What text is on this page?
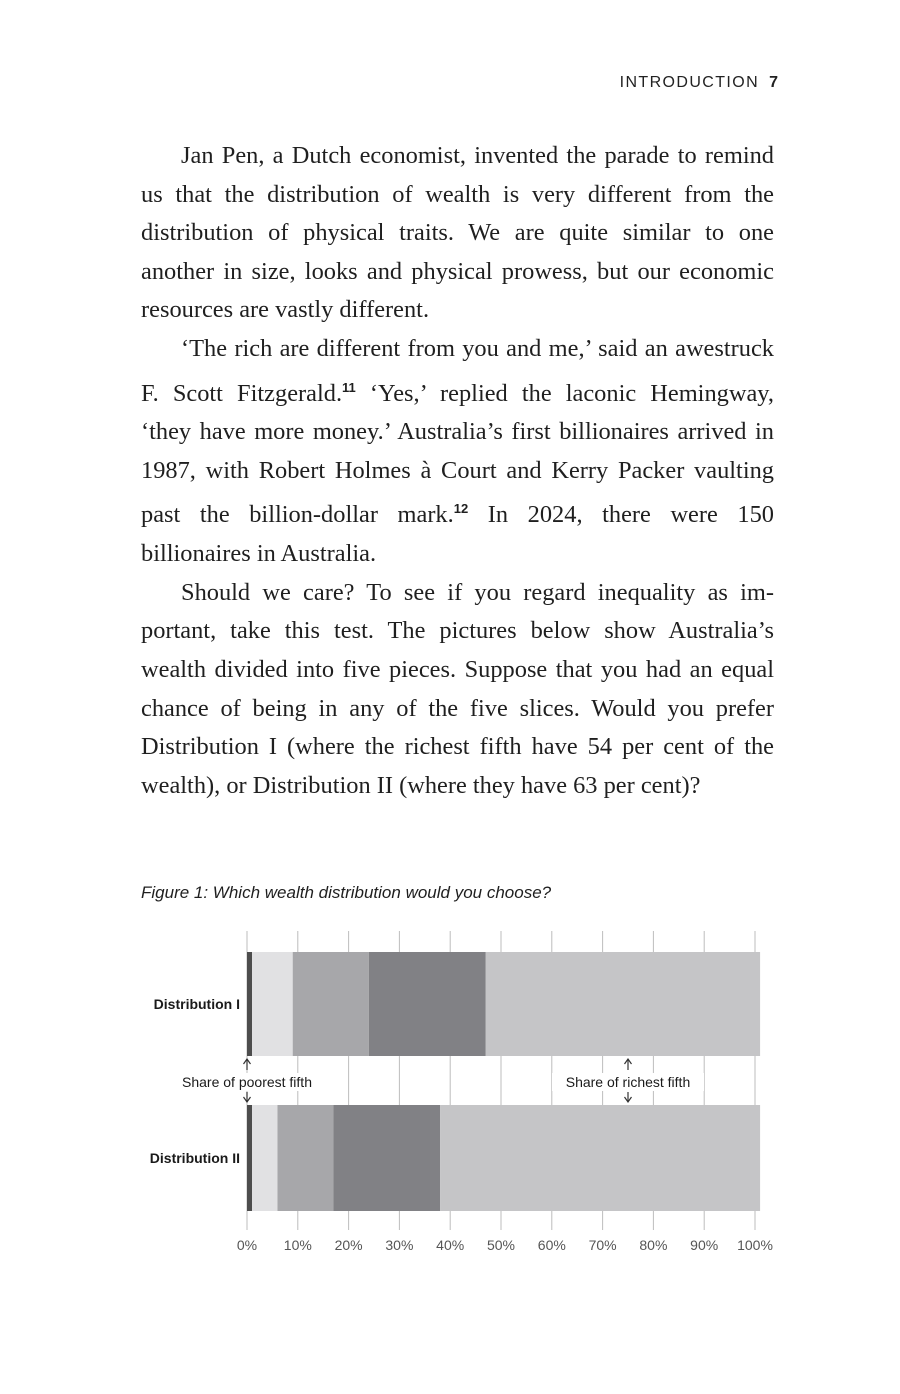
INTRODUCTION 7

Jan Pen, a Dutch economist, invented the parade to remind us that the distribution of wealth is very different from the distribution of physical traits. We are quite similar to one another in size, looks and physical prowess, but our economic resources are vastly different.

‘The rich are different from you and me,’ said an awestruck F. Scott Fitzgerald.$^{11}$ ‘Yes,’ replied the laconic Hemingway, ‘they have more money.’ Australia’s first billionaires arrived in 1987, with Robert Holmes à Court and Kerry Packer vaulting past the billion-dollar mark.$^{12}$ In 2024, there were 150 billionaires in Australia.

Should we care? To see if you regard inequality as important, take this test. The pictures below show Australia’s wealth divided into five pieces. Suppose that you had an equal chance of being in any of the five slices. Would you prefer Distribution I (where the richest fifth have 54 per cent of the wealth), or Distribution II (where they have 63 per cent)?

Figure 1: Which wealth distribution would you choose?
0% 10% 20% 30% 40% 50% 60% 70% 80% 90% 100%
Distribution I
Distribution II
Share of poorest fifth	Share of richest fifth
